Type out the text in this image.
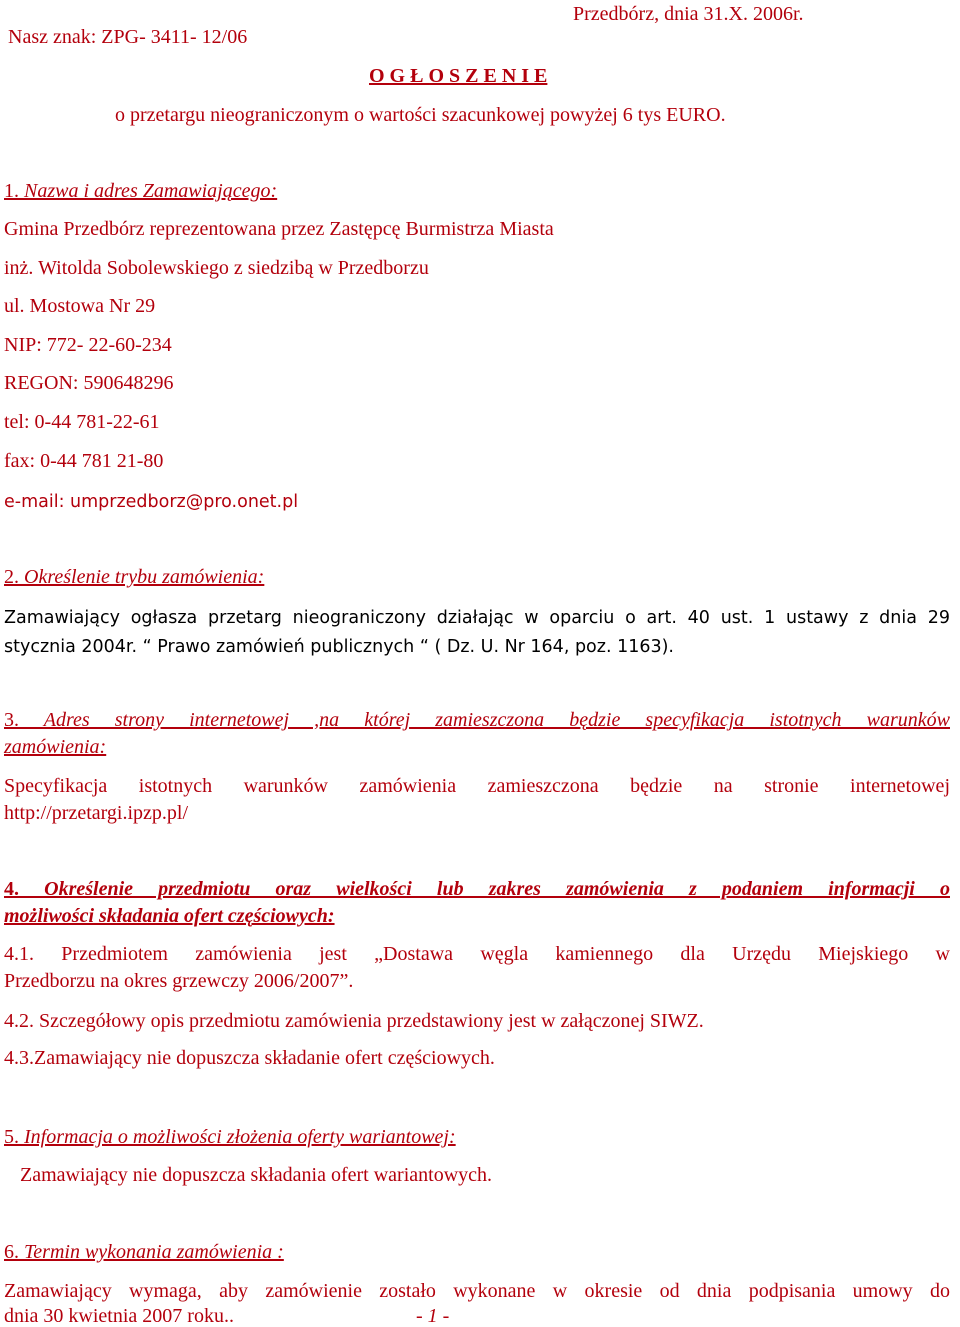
Nasz znak: ZPG- 3411- 12/06
Przedbórz, dnia 31.X. 2006r.
O G Ł O S Z E N I E
o przetargu nieograniczonym o wartości szacunkowej powyżej 6 tys EURO.
1. Nazwa i adres Zamawiającego:
Gmina Przedbórz reprezentowana przez Zastępcę Burmistrza Miasta
inż. Witolda Sobolewskiego z siedzibą w Przedborzu
ul. Mostowa Nr 29
NIP: 772- 22-60-234
REGON: 590648296
tel: 0-44 781-22-61
fax: 0-44 781 21-80
e-mail: umprzedborz@pro.onet.pl
2. Określenie trybu zamówienia:
Zamawiający ogłasza przetarg nieograniczony działając w oparciu o art. 40 ust. 1 ustawy z dnia 29
stycznia 2004r. “ Prawo zamówień publicznych “ ( Dz. U. Nr 164, poz. 1163).
3. Adres strony internetowej ,na której zamieszczona będzie specyfikacja istotnych warunków
zamówienia:
Specyfikacja istotnych warunków zamówienia zamieszczona będzie na stronie internetowej
http://przetargi.ipzp.pl/
4. Określenie przedmiotu oraz wielkości lub zakres zamówienia z podaniem informacji o
możliwości składania ofert częściowych:
4.1. Przedmiotem zamówienia jest „Dostawa węgla kamiennego dla Urzędu Miejskiego w
Przedborzu na okres grzewczy 2006/2007”.
4.2. Szczegółowy opis przedmiotu zamówienia przedstawiony jest w załączonej SIWZ.
4.3.Zamawiający nie dopuszcza składanie ofert częściowych.
5. Informacja o możliwości złożenia oferty wariantowej:
Zamawiający nie dopuszcza składania ofert wariantowych.
6. Termin wykonania zamówienia :
Zamawiający wymaga, aby zamówienie zostało wykonane w okresie od dnia podpisania umowy do
dnia 30 kwietnia 2007 roku..	- 1 -
